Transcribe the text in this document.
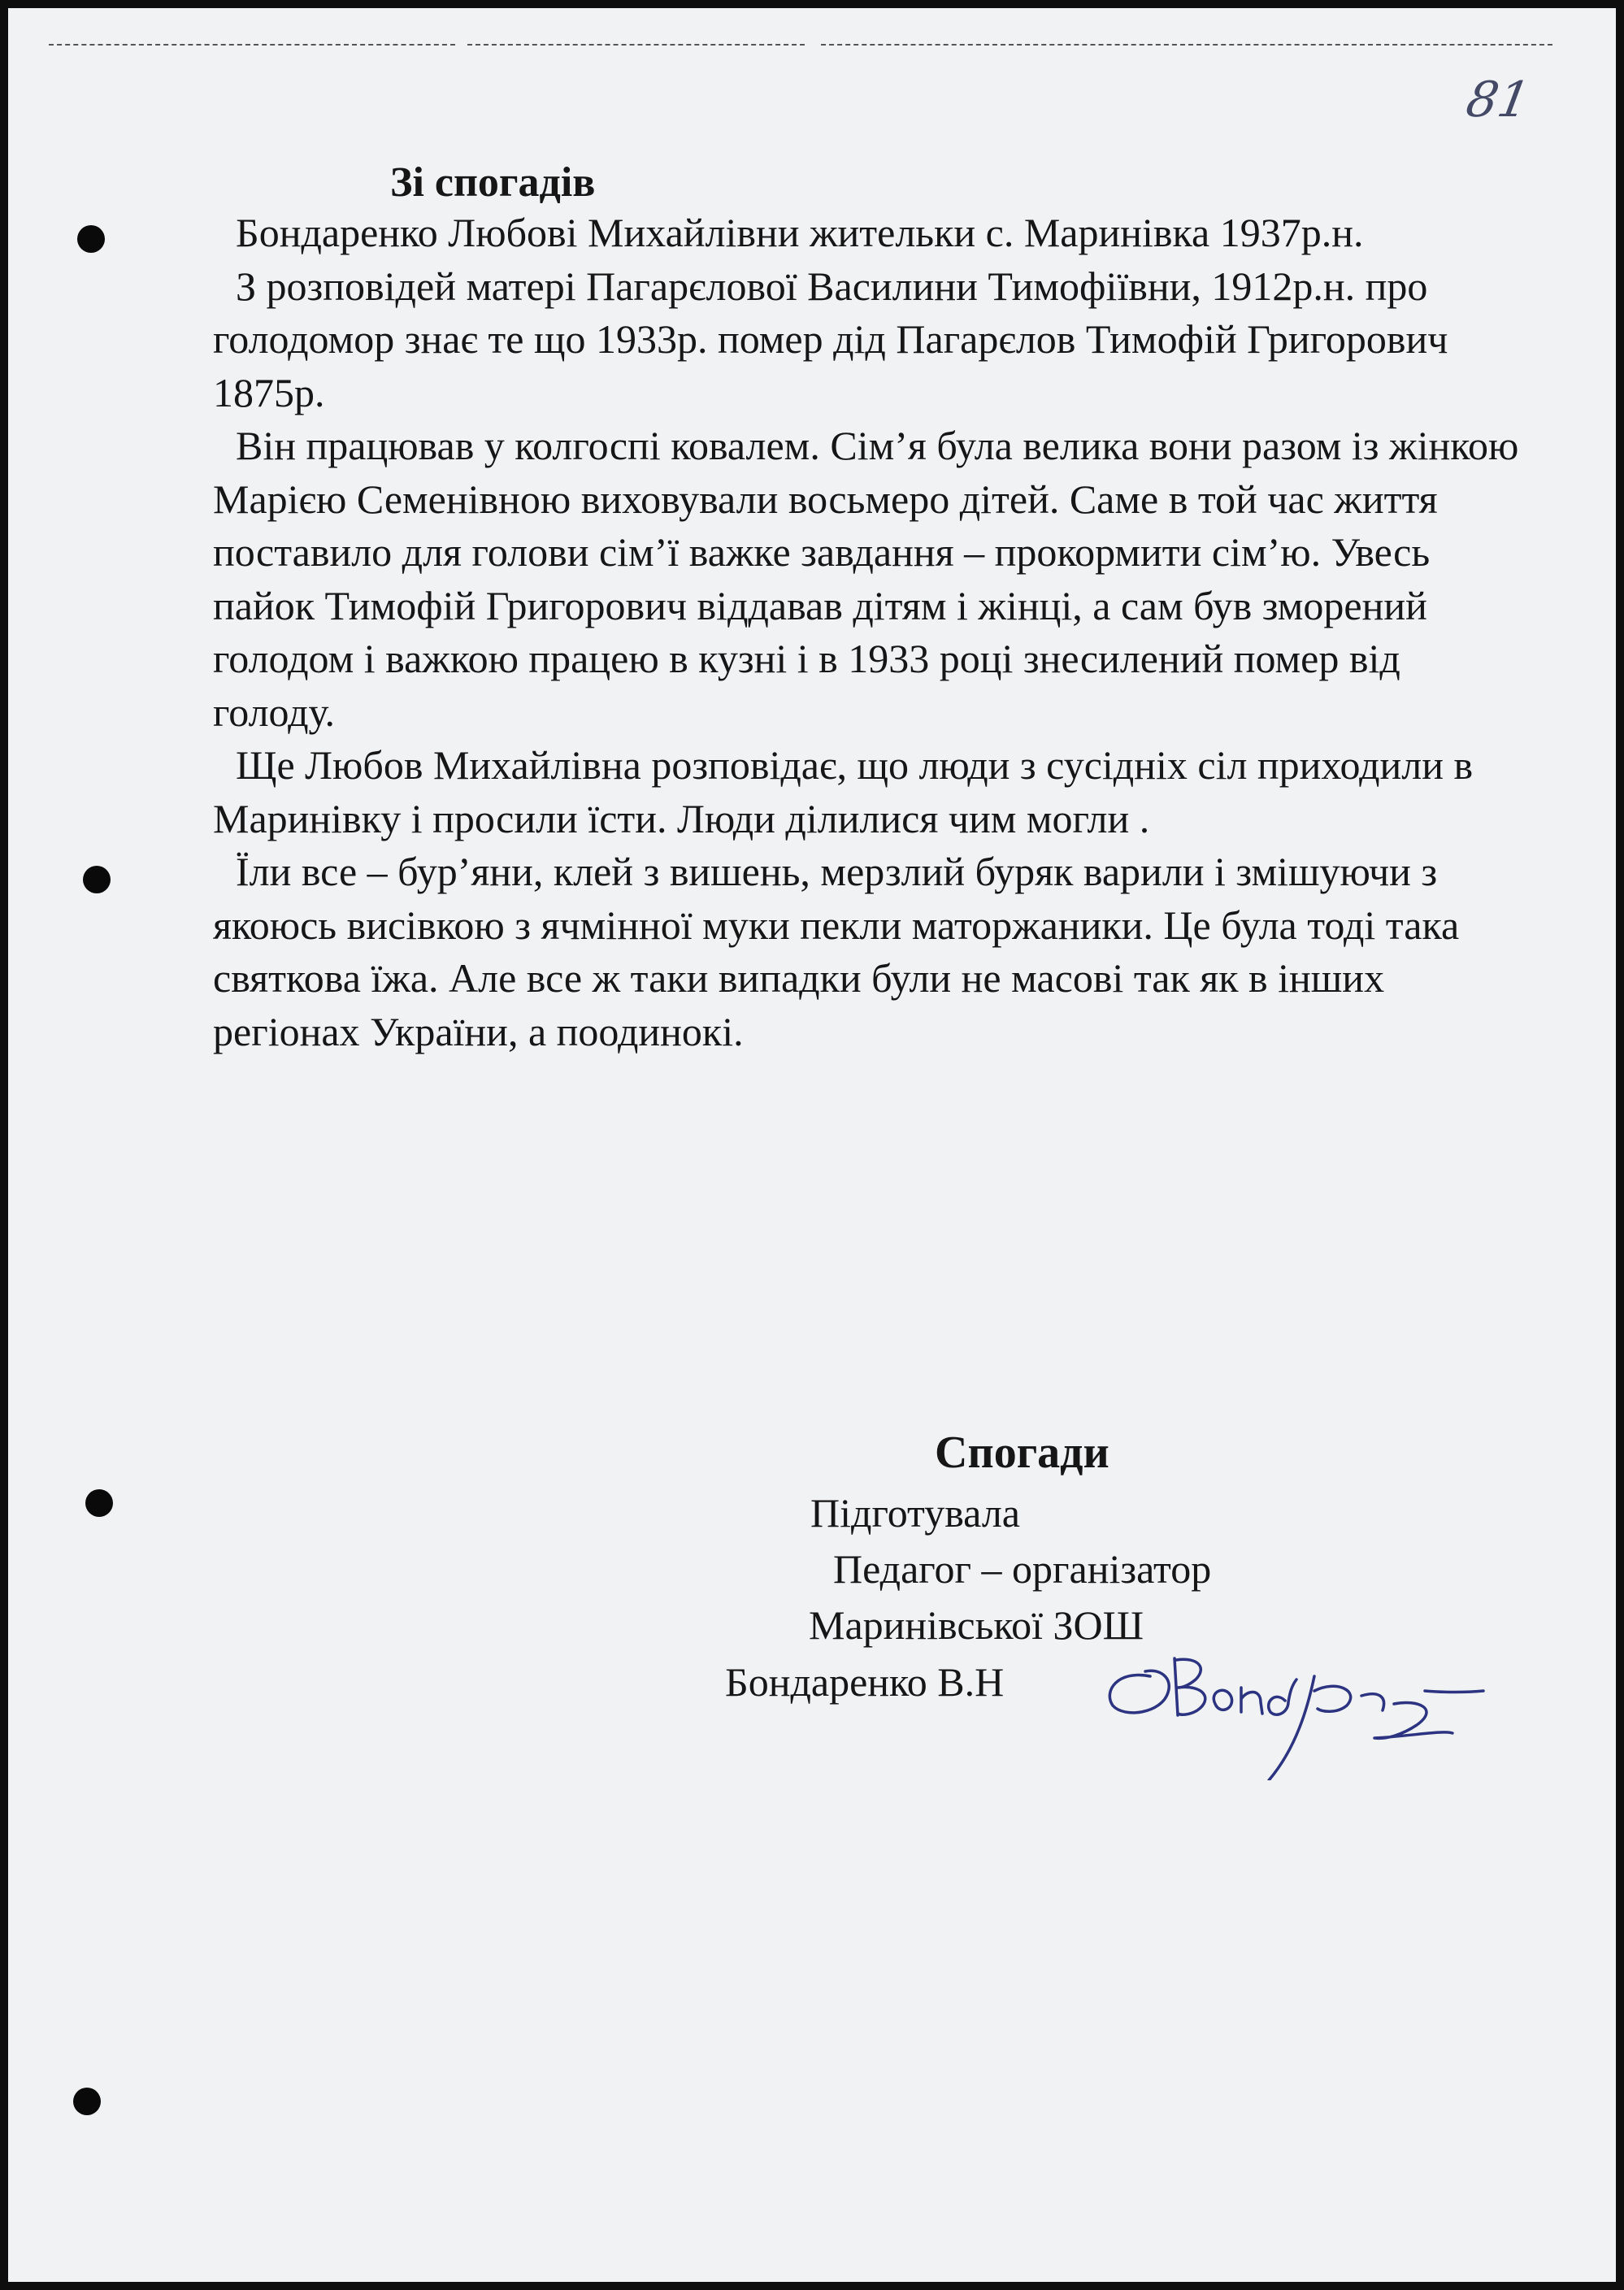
81
Зі спогадів

Бондаренко Любові Михайлівни жительки с. Маринівка 1937р.н.

З розповідей матері Пагарєлової Василини Тимофіївни, 1912р.н. про голодомор знає те що 1933р. помер дід Пагарєлов Тимофій Григорович 1875р.

Він працював у колгоспі ковалем. Сім’я була велика вони разом із жінкою Марією Семенівною виховували восьмеро дітей. Саме в той час життя поставило для голови сім’ї важке завдання – прокормити сім’ю. Увесь пайок Тимофій Григорович віддавав дітям і жінці, а сам був зморений голодом і важкою працею в кузні і в 1933 році знесилений помер від голоду.

Ще Любов Михайлівна розповідає, що люди з сусідніх сіл приходили в Маринівку і просили їсти. Люди ділилися чим могли .

Їли все – бур’яни, клей з вишень, мерзлий буряк варили і змішуючи з якоюсь висівкою з ячмінної муки пекли маторжаники. Це була тоді така святкова їжа. Але все ж таки випадки були не масові так як в інших регіонах України, а поодинокі.

Спогади
Підготувала
Педагог – організатор
Маринівської ЗОШ
Бондаренко В.Н
